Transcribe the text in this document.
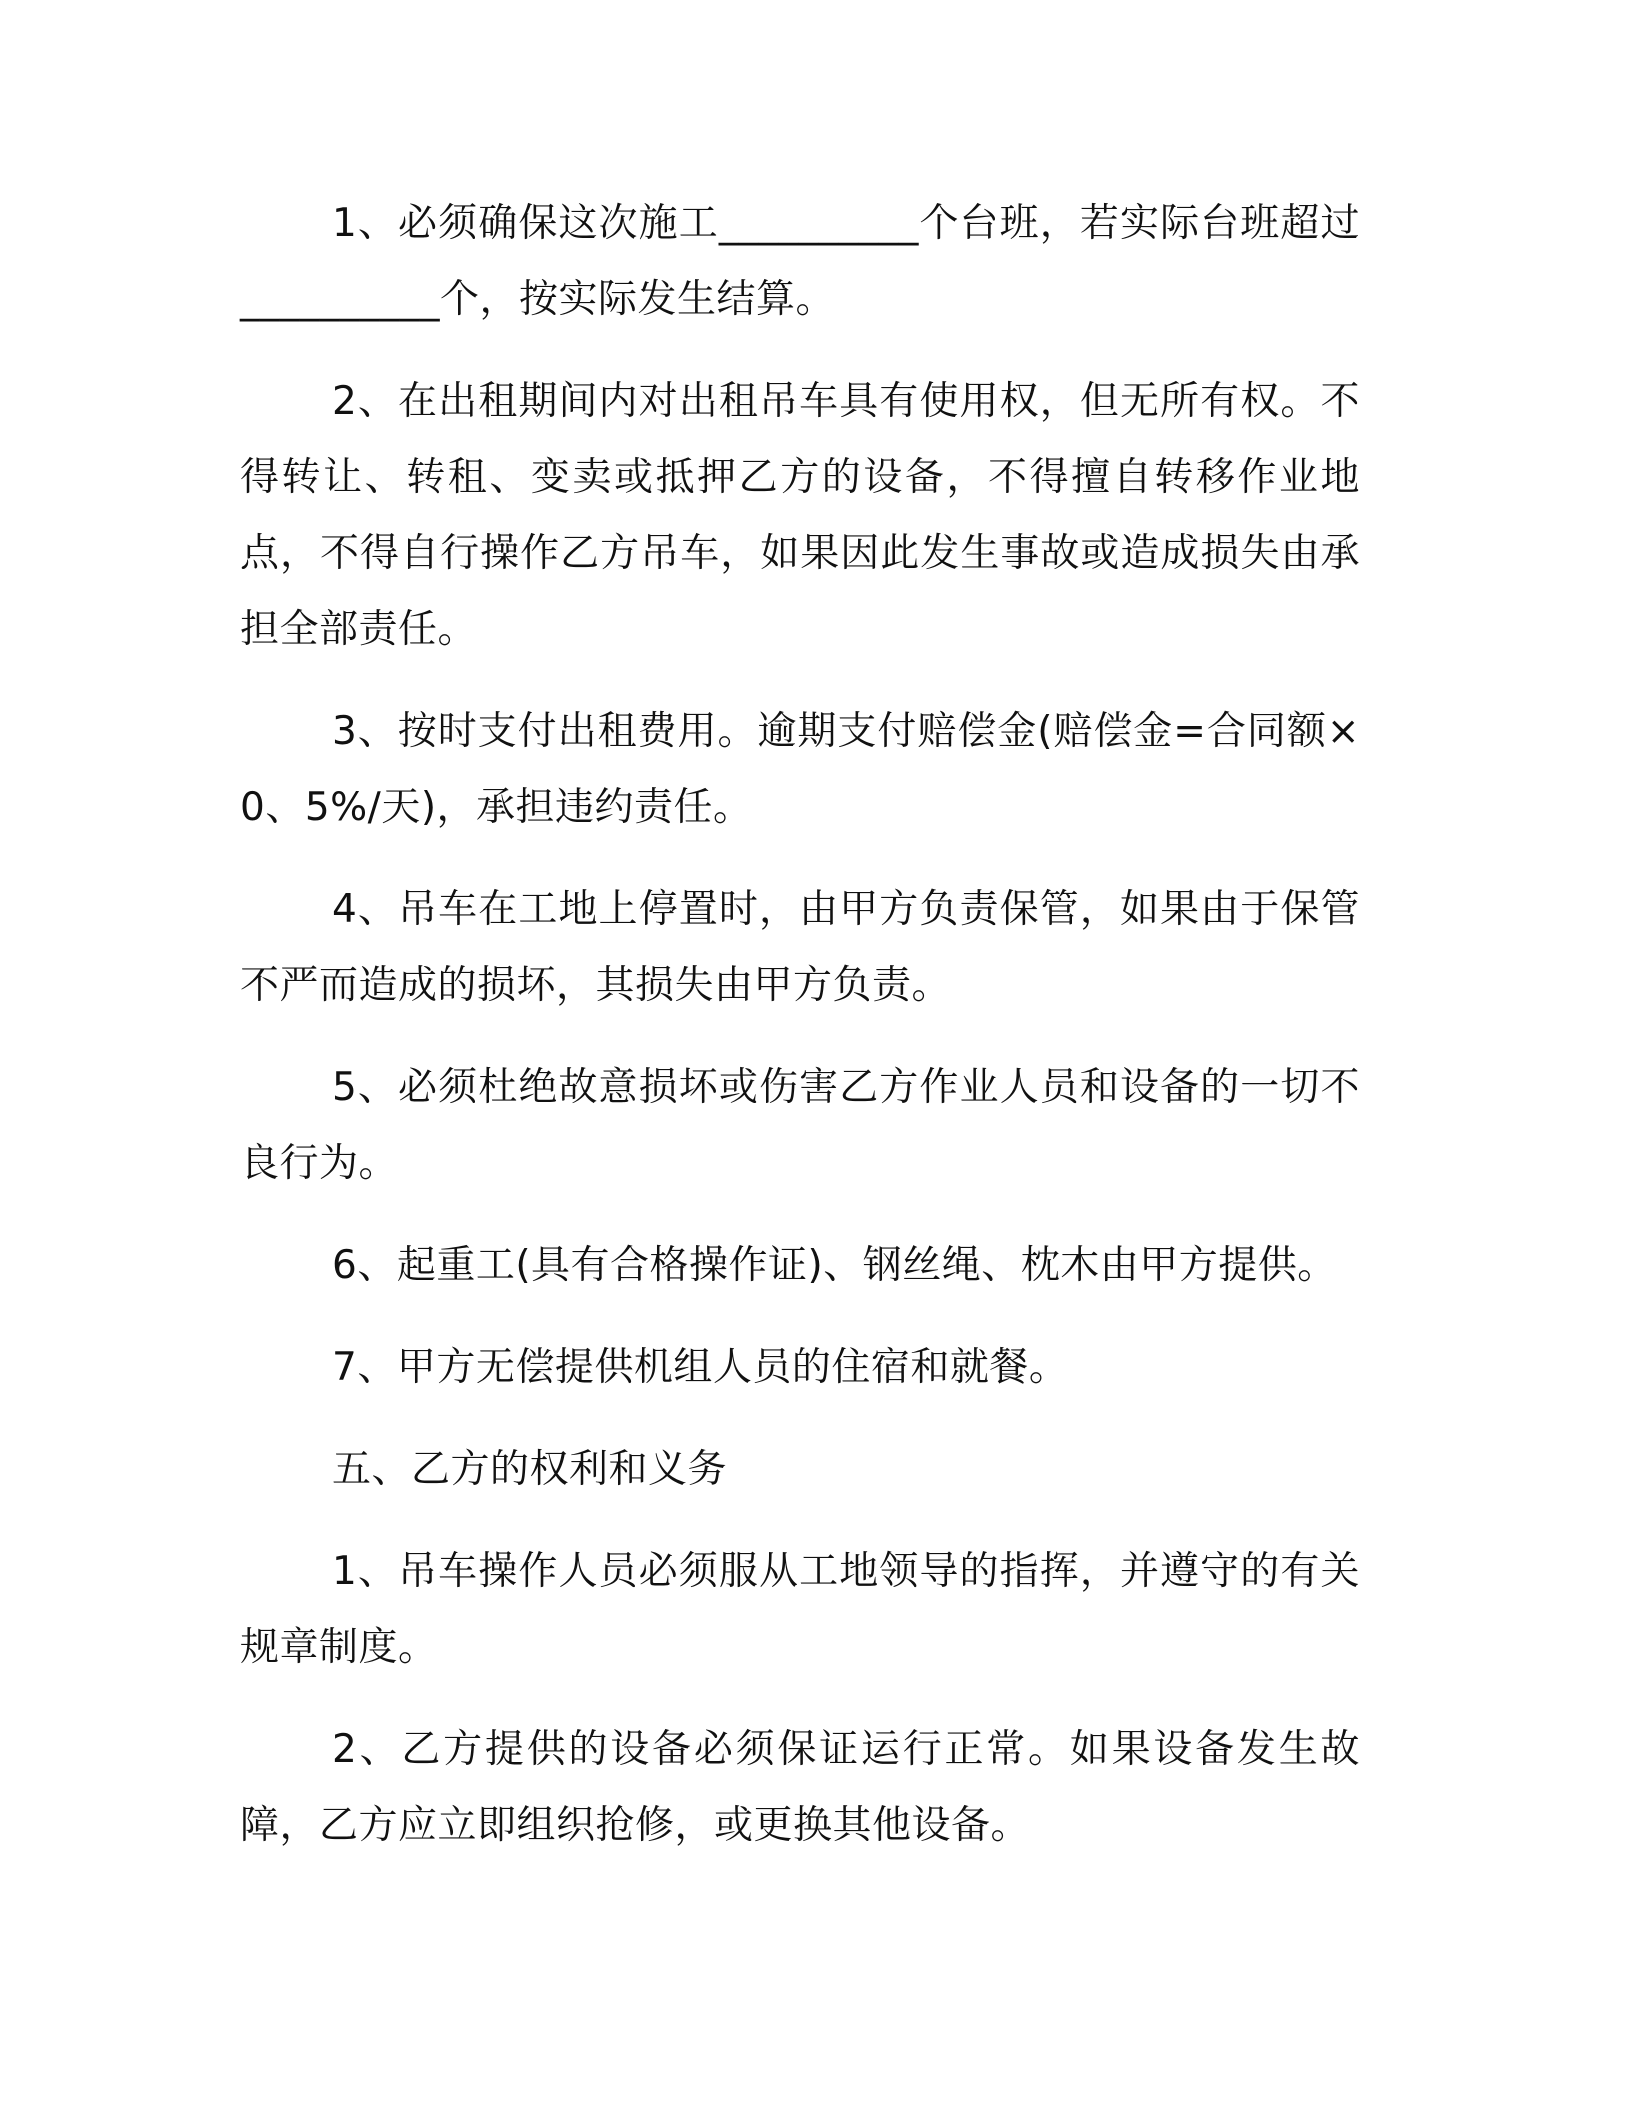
1、必须确保这次施工__________个台班，若实际台班超过__________个，按实际发生结算。

2、在出租期间内对出租吊车具有使用权，但无所有权。不得转让、转租、变卖或抵押乙方的设备，不得擅自转移作业地点，不得自行操作乙方吊车，如果因此发生事故或造成损失由承担全部责任。

3、按时支付出租费用。逾期支付赔偿金(赔偿金=合同额×0、5%/天)，承担违约责任。

4、吊车在工地上停置时，由甲方负责保管，如果由于保管不严而造成的损坏，其损失由甲方负责。

5、必须杜绝故意损坏或伤害乙方作业人员和设备的一切不良行为。

6、起重工(具有合格操作证)、钢丝绳、枕木由甲方提供。

7、甲方无偿提供机组人员的住宿和就餐。

五、乙方的权利和义务

1、吊车操作人员必须服从工地领导的指挥，并遵守的有关规章制度。

2、乙方提供的设备必须保证运行正常。如果设备发生故障，乙方应立即组织抢修，或更换其他设备。
